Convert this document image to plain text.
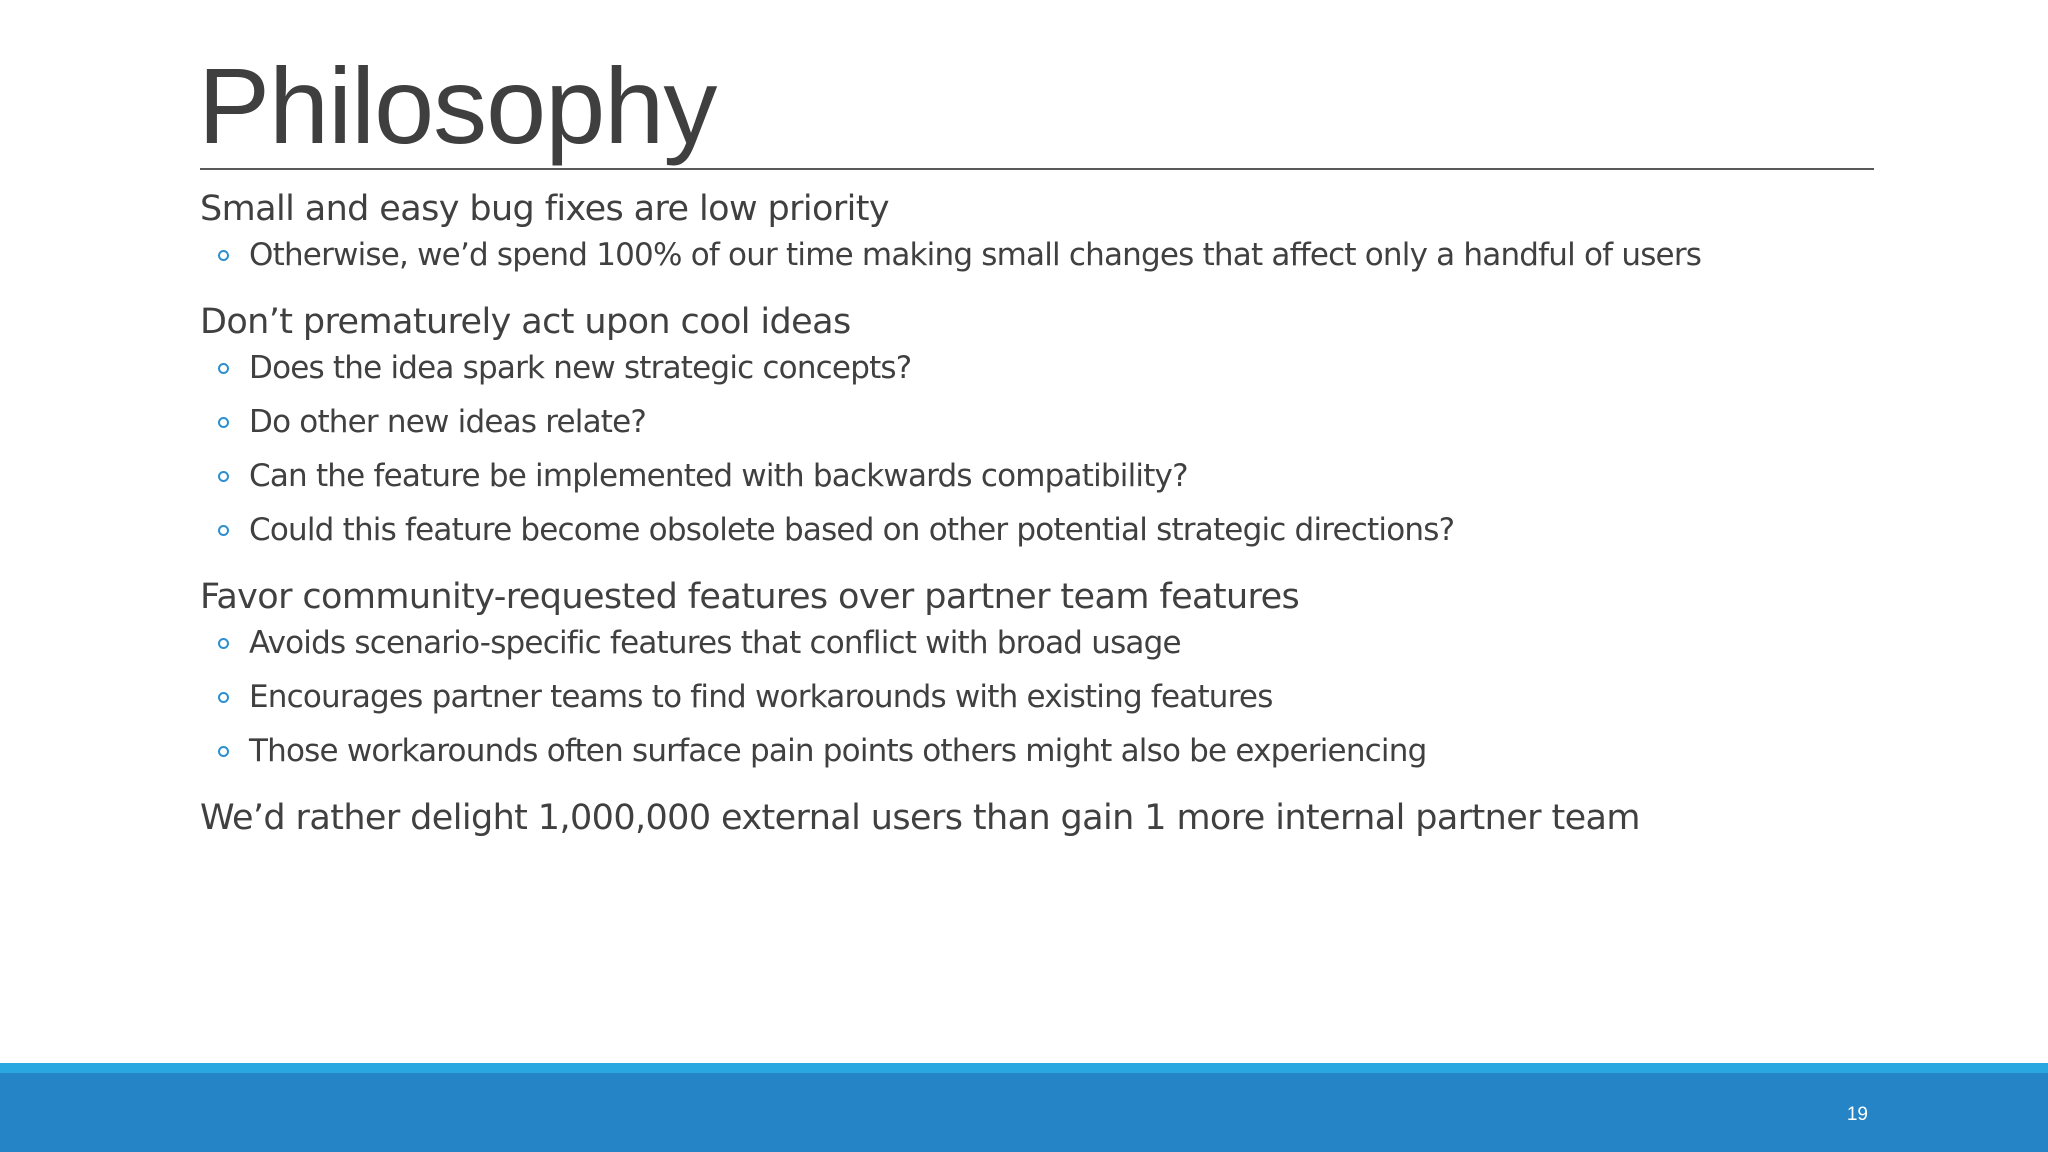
Philosophy

Small and easy bug fixes are low priority

Otherwise, we’d spend 100% of our time making small changes that affect only a handful of users

Don’t prematurely act upon cool ideas

Does the idea spark new strategic concepts?
Do other new ideas relate?
Can the feature be implemented with backwards compatibility?
Could this feature become obsolete based on other potential strategic directions?

Favor community-requested features over partner team features

Avoids scenario-specific features that conflict with broad usage
Encourages partner teams to find workarounds with existing features
Those workarounds often surface pain points others might also be experiencing

We’d rather delight 1,000,000 external users than gain 1 more internal partner team

19
